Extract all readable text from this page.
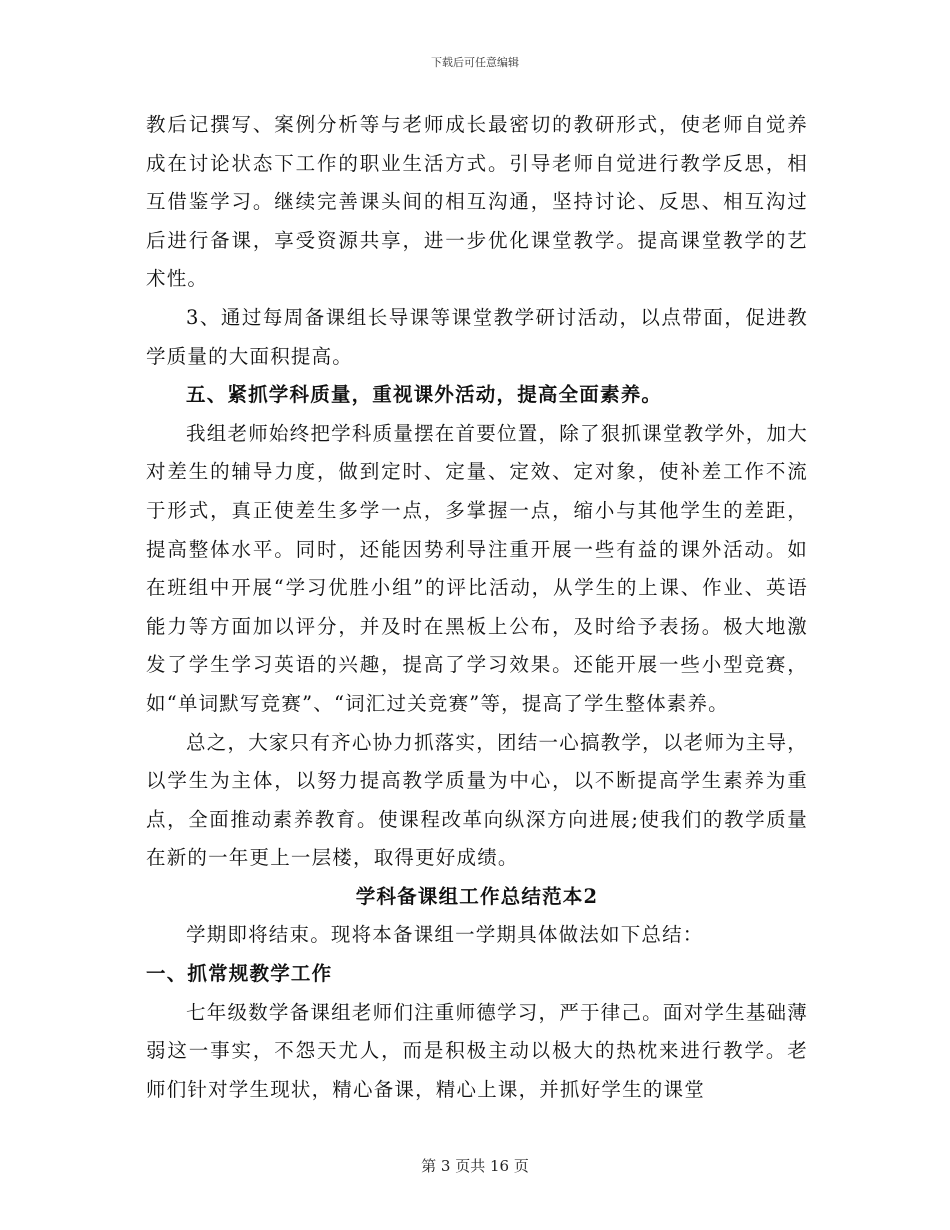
下载后可任意编辑

教后记撰写、案例分析等与老师成长最密切的教研形式，使老师自觉养成在讨论状态下工作的职业生活方式。引导老师自觉进行教学反思，相互借鉴学习。继续完善课头间的相互沟通，坚持讨论、反思、相互沟过后进行备课，享受资源共享，进一步优化课堂教学。提高课堂教学的艺术性。

3、通过每周备课组长导课等课堂教学研讨活动，以点带面，促进教学质量的大面积提高。

五、紧抓学科质量，重视课外活动，提高全面素养。

我组老师始终把学科质量摆在首要位置，除了狠抓课堂教学外，加大对差生的辅导力度，做到定时、定量、定效、定对象，使补差工作不流于形式，真正使差生多学一点，多掌握一点，缩小与其他学生的差距，提高整体水平。同时，还能因势利导注重开展一些有益的课外活动。如在班组中开展“学习优胜小组”的评比活动，从学生的上课、作业、英语能力等方面加以评分，并及时在黑板上公布，及时给予表扬。极大地激发了学生学习英语的兴趣，提高了学习效果。还能开展一些小型竞赛，如“单词默写竞赛”、“词汇过关竞赛”等，提高了学生整体素养。

总之，大家只有齐心协力抓落实，团结一心搞教学，以老师为主导，以学生为主体，以努力提高教学质量为中心，以不断提高学生素养为重点，全面推动素养教育。使课程改革向纵深方向进展;使我们的教学质量在新的一年更上一层楼，取得更好成绩。

学科备课组工作总结范本2

学期即将结束。现将本备课组一学期具体做法如下总结：

一、抓常规教学工作

七年级数学备课组老师们注重师德学习，严于律己。面对学生基础薄弱这一事实，不怨天尤人，而是积极主动以极大的热枕来进行教学。老师们针对学生现状，精心备课，精心上课，并抓好学生的课堂

第 3 页共 16 页
